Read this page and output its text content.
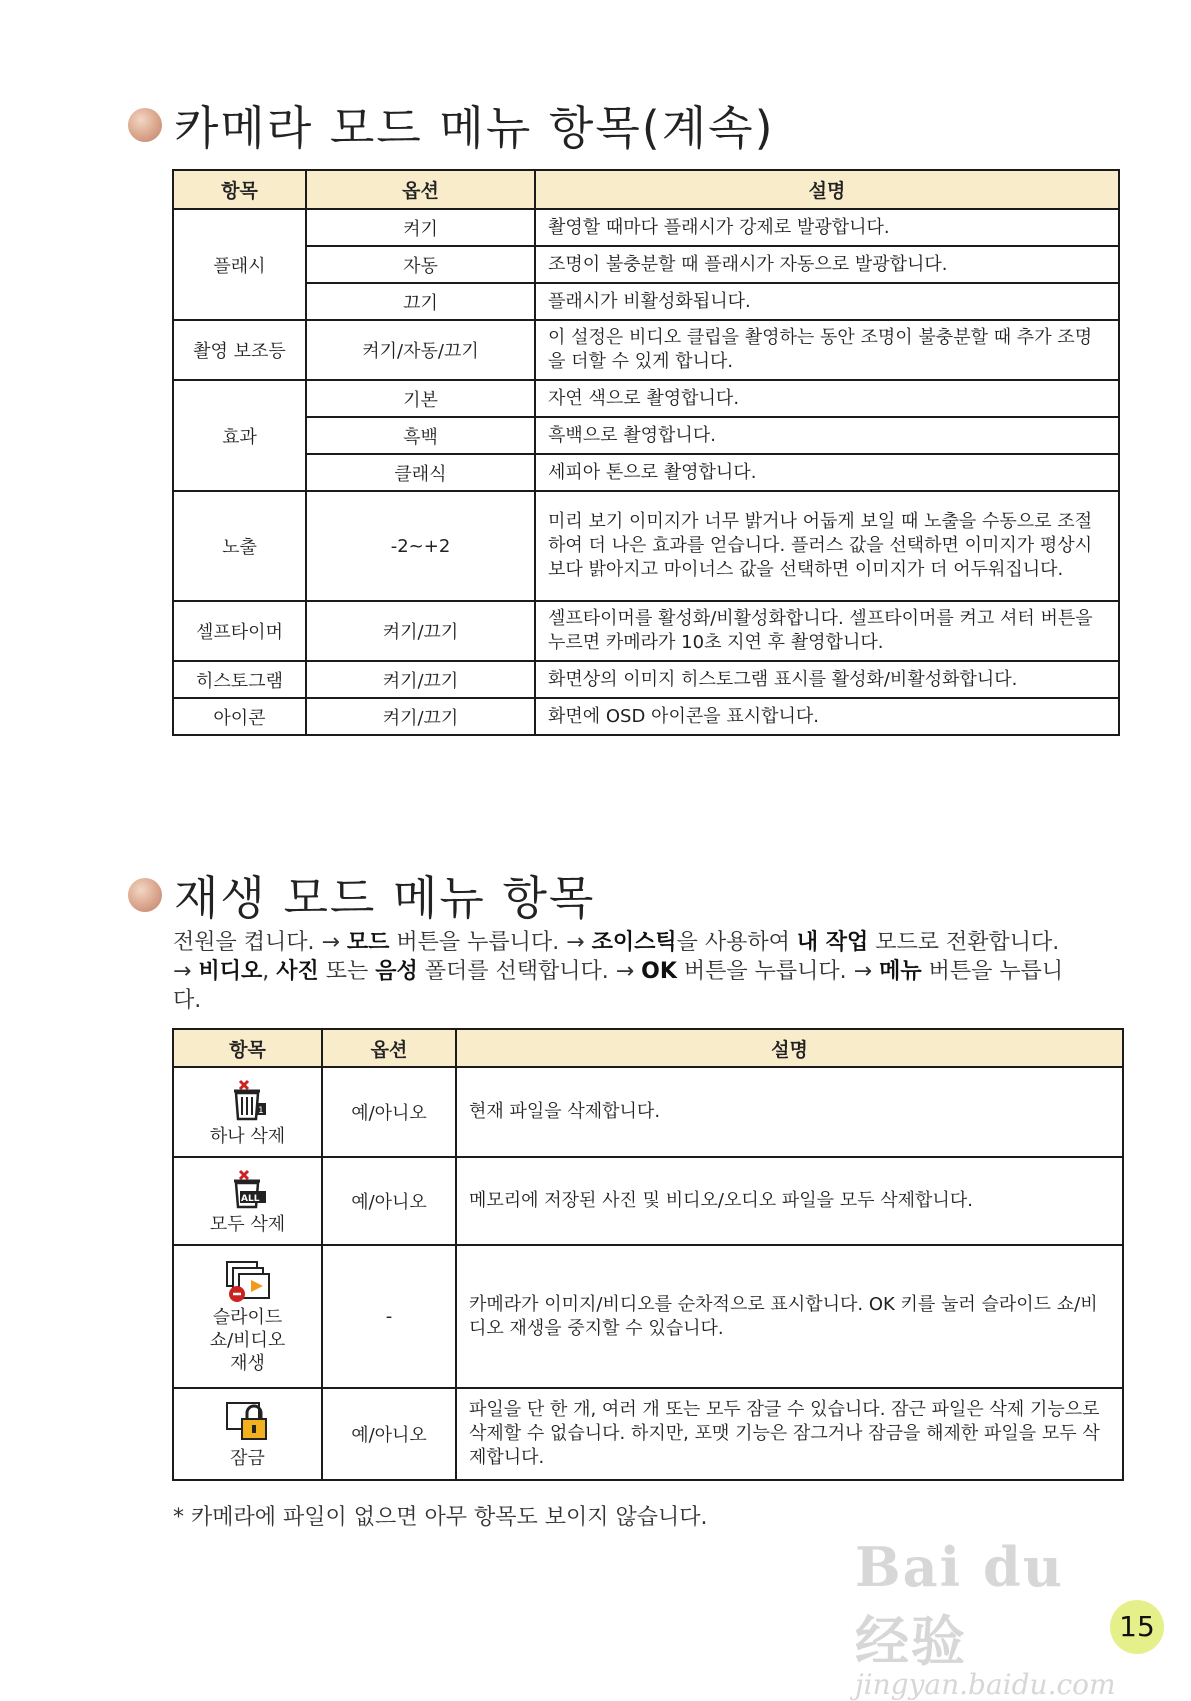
카메라 모드 메뉴 항목(계속)
항목	옵션	설명
플래시	켜기	촬영할 때마다 플래시가 강제로 발광합니다.
	자동	조명이 불충분할 때 플래시가 자동으로 발광합니다.
	끄기	플래시가 비활성화됩니다.
촬영 보조등	켜기/자동/끄기	이 설정은 비디오 클립을 촬영하는 동안 조명이 불충분할 때 추가 조명을 더할 수 있게 합니다.
효과	기본	자연 색으로 촬영합니다.
	흑백	흑백으로 촬영합니다.
	클래식	세피아 톤으로 촬영합니다.
노출	-2~+2	미리 보기 이미지가 너무 밝거나 어둡게 보일 때 노출을 수동으로 조절하여 더 나은 효과를 얻습니다. 플러스 값을 선택하면 이미지가 평상시보다 밝아지고 마이너스 값을 선택하면 이미지가 더 어두워집니다.
셀프타이머	켜기/끄기	셀프타이머를 활성화/비활성화합니다. 셀프타이머를 켜고 셔터 버튼을 누르면 카메라가 10초 지연 후 촬영합니다.
히스토그램	켜기/끄기	화면상의 이미지 히스토그램 표시를 활성화/비활성화합니다.
아이콘	켜기/끄기	화면에 OSD 아이콘을 표시합니다.
재생 모드 메뉴 항목
전원을 켭니다. → 모드 버튼을 누릅니다. → 조이스틱을 사용하여 내 작업 모드로 전환합니다. → 비디오, 사진 또는 음성 폴더를 선택합니다. → OK 버튼을 누릅니다. → 메뉴 버튼을 누릅니다.
항목	옵션	설명

1
하나 삭제	예/아니오	현재 파일을 삭제합니다.

ALL
모두 삭제	예/아니오	메모리에 저장된 사진 및 비디오/오디오 파일을 모두 삭제합니다.

슬라이드 쇼/비디오 재생	-	카메라가 이미지/비디오를 순차적으로 표시합니다. OK 키를 눌러 슬라이드 쇼/비디오 재생을 중지할 수 있습니다.

잠금	예/아니오	파일을 단 한 개, 여러 개 또는 모두 잠글 수 있습니다. 잠근 파일은 삭제 기능으로 삭제할 수 없습니다. 하지만, 포맷 기능은 잠그거나 잠금을 해제한 파일을 모두 삭제합니다.
* 카메라에 파일이 없으면 아무 항목도 보이지 않습니다.
Bai du 经验
jingyan.baidu.com
15
